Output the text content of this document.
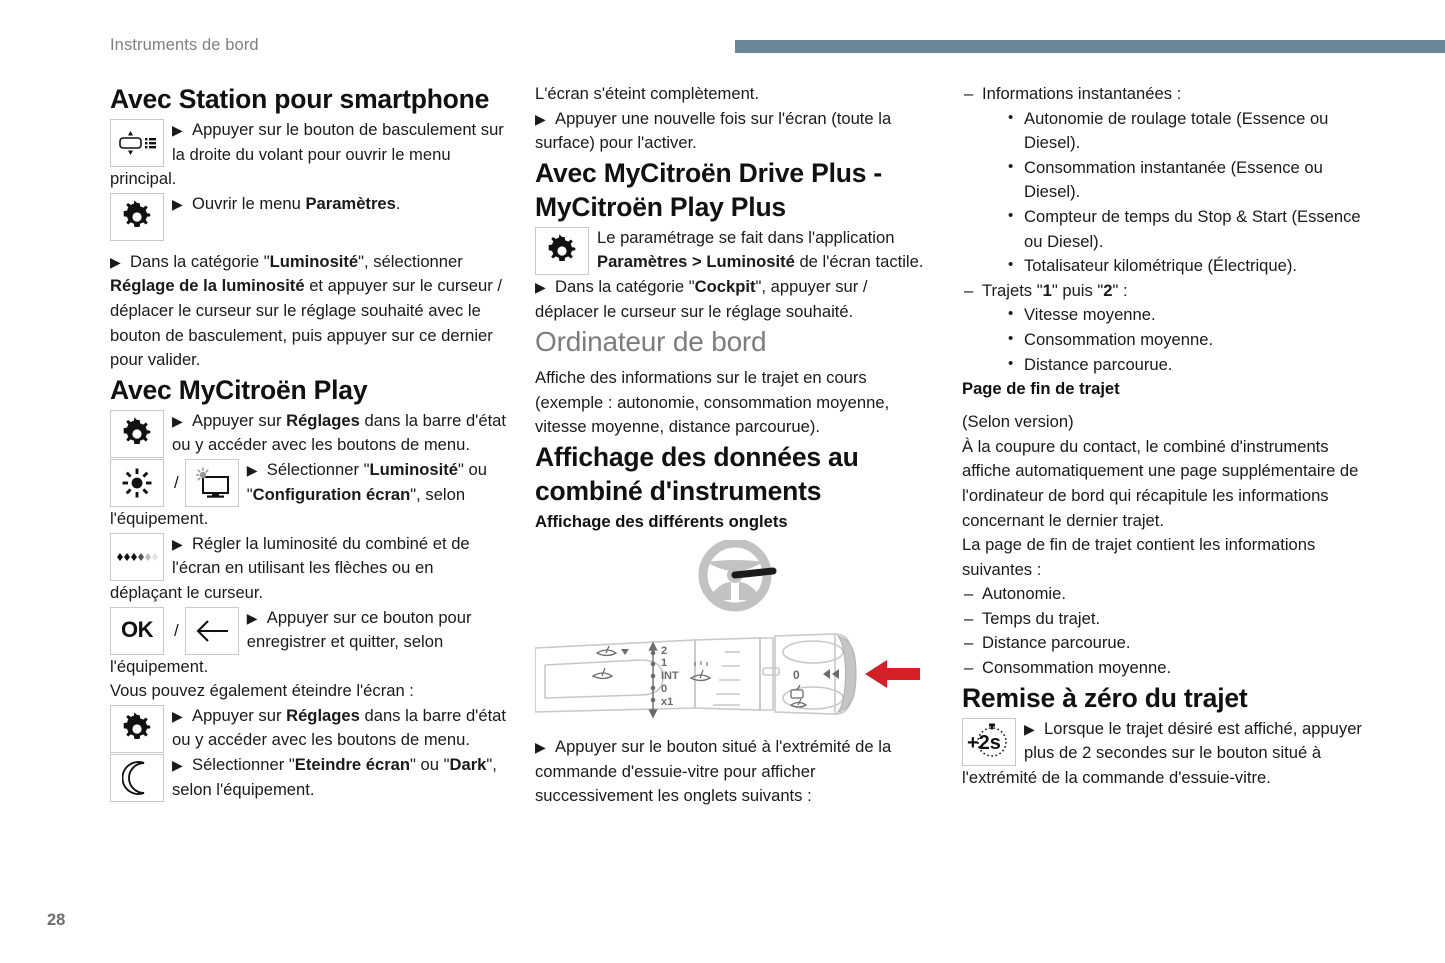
Instruments de bord
Avec Station pour smartphone

▶ Appuyer sur le bouton de basculement sur la droite du volant pour ouvrir le menu principal.

▶ Ouvrir le menu Paramètres.

▶ Dans la catégorie "Luminosité", sélectionner Réglage de la luminosité et appuyer sur le curseur / déplacer le curseur sur le réglage souhaité avec le bouton de basculement, puis appuyer sur ce dernier pour valider.

Avec MyCitroën Play

▶ Appuyer sur Réglages dans la barre d'état ou y accéder avec les boutons de menu.

/

▶ Sélectionner "Luminosité" ou "Configuration écran", selon l'équipement.

▶ Régler la luminosité du combiné et de l'écran en utilisant les flèches ou en déplaçant le curseur.

OK /

▶ Appuyer sur ce bouton pour enregistrer et quitter, selon l'équipement.

Vous pouvez également éteindre l'écran :

▶ Appuyer sur Réglages dans la barre d'état ou y accéder avec les boutons de menu.

▶ Sélectionner "Eteindre écran" ou "Dark", selon l'équipement.

L'écran s'éteint complètement.

▶ Appuyer une nouvelle fois sur l'écran (toute la surface) pour l'activer.

Avec MyCitroën Drive Plus - MyCitroën Play Plus

Le paramétrage se fait dans l'application Paramètres > Luminosité de l'écran tactile.

▶ Dans la catégorie "Cockpit", appuyer sur / déplacer le curseur sur le réglage souhaité.

Ordinateur de bord

Affiche des informations sur le trajet en cours (exemple : autonomie, consommation moyenne, vitesse moyenne, distance parcourue).

Affichage des données au combiné d'instruments
Affichage des différents onglets
2
1
INT
0
x1
0

▶ Appuyer sur le bouton situé à l'extrémité de la commande d'essuie-vitre pour afficher successivement les onglets suivants :

– Informations instantanées :
• Autonomie de roulage totale (Essence ou Diesel).
• Consommation instantanée (Essence ou Diesel).
• Compteur de temps du Stop & Start (Essence ou Diesel).
• Totalisateur kilométrique (Électrique).
– Trajets "1" puis "2" :
• Vitesse moyenne.
• Consommation moyenne.
• Distance parcourue.
Page de fin de trajet

(Selon version)

À la coupure du contact, le combiné d'instruments affiche automatiquement une page supplémentaire de l'ordinateur de bord qui récapitule les informations concernant le dernier trajet.

La page de fin de trajet contient les informations suivantes :

– Autonomie.
– Temps du trajet.
– Distance parcourue.
– Consommation moyenne.
Remise à zéro du trajet
+2s

▶ Lorsque le trajet désiré est affiché, appuyer plus de 2 secondes sur le bouton situé à l'extrémité de la commande d'essuie-vitre.

28
